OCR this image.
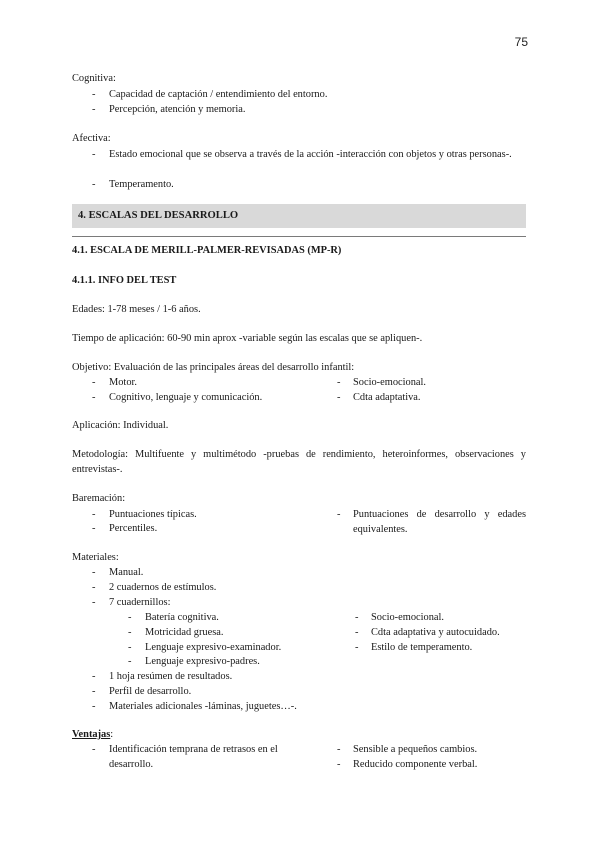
75
Cognitiva:
- Capacidad de captación / entendimiento del entorno.
- Percepción, atención y memoria.
Afectiva:
- Estado emocional que se observa a través de la acción -interacción con objetos y otras personas-.
- Temperamento.
4. ESCALAS DEL DESARROLLO
4.1. ESCALA DE MERILL-PALMER-REVISADAS (MP-R)
4.1.1. INFO DEL TEST
Edades: 1-78 meses / 1-6 años.
Tiempo de aplicación: 60-90 min aprox -variable según las escalas que se apliquen-.
Objetivo: Evaluación de las principales áreas del desarrollo infantil:
- Motor.
- Cognitivo, lenguaje y comunicación.
- Socio-emocional.
- Cdta adaptativa.
Aplicación: Individual.
Metodología: Multifuente y multimétodo -pruebas de rendimiento, heteroinformes, observaciones y entrevistas-.
Baremación:
- Puntuaciones típicas.
- Percentiles.
- Puntuaciones de desarrollo y edades equivalentes.
Materiales:
- Manual.
- 2 cuadernos de estímulos.
- 7 cuadernillos:
- Batería cognitiva.
- Motricidad gruesa.
- Lenguaje expresivo-examinador.
- Lenguaje expresivo-padres.
- Socio-emocional.
- Cdta adaptativa y autocuidado.
- Estilo de temperamento.
- 1 hoja resúmen de resultados.
- Perfil de desarrollo.
- Materiales adicionales -láminas, juguetes…-.
Ventajas:
- Identificación temprana de retrasos en el desarrollo.
- Sensible a pequeños cambios.
- Reducido componente verbal.
